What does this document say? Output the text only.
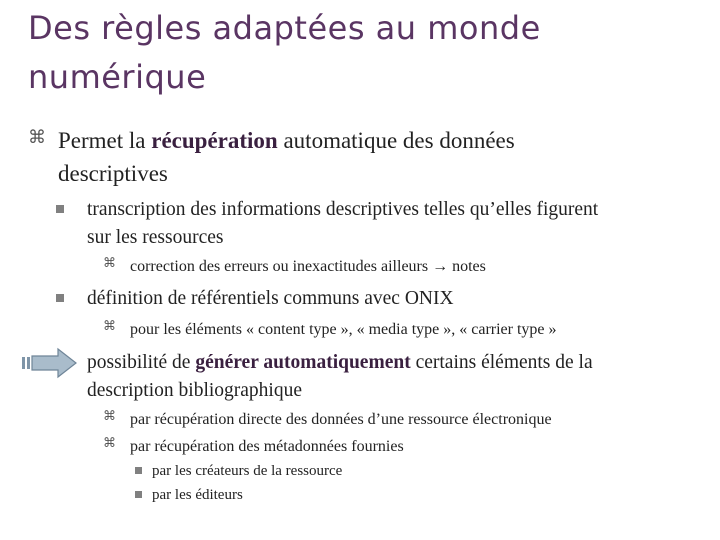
Des règles adaptées au monde
numérique
⌘ Permet la récupération automatique des données
descriptives
transcription des informations descriptives telles qu’elles figurent
sur les ressources
⌘ correction des erreurs ou inexactitudes ailleurs → notes
définition de référentiels communs avec ONIX
⌘ pour les éléments « content type », « media type », « carrier type »
possibilité de générer automatiquement certains éléments de la
description bibliographique
⌘ par récupération directe des données d’une ressource électronique
⌘ par récupération des métadonnées fournies
par les créateurs de la ressource
par les éditeurs
